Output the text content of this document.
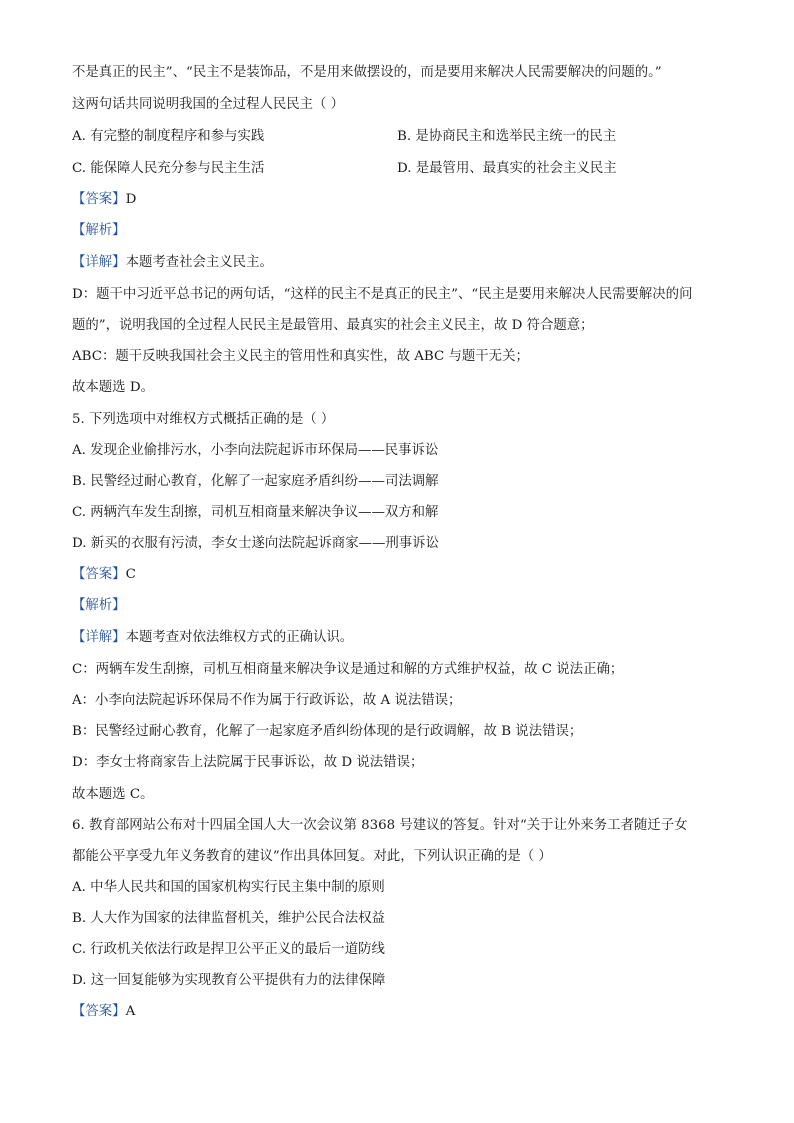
不是真正的民主”、“民主不是装饰品，不是用来做摆设的，而是要用来解决人民需要解决的问题的。”
这两句话共同说明我国的全过程人民民主（ ）
A. 有完整的制度程序和参与实践	B. 是协商民主和选举民主统一的民主
C. 能保障人民充分参与民主生活	D. 是最管用、最真实的社会主义民主
【答案】D
【解析】
【详解】本题考查社会主义民主。
D：题干中习近平总书记的两句话，“这样的民主不是真正的民主”、“民主是要用来解决人民需要解决的问
题的”，说明我国的全过程人民民主是最管用、最真实的社会主义民主，故 D 符合题意；
ABC：题干反映我国社会主义民主的管用性和真实性，故 ABC 与题干无关；
故本题选 D。
5. 下列选项中对维权方式概括正确的是（ ）
A. 发现企业偷排污水，小李向法院起诉市环保局——民事诉讼
B. 民警经过耐心教育，化解了一起家庭矛盾纠纷——司法调解
C. 两辆汽车发生刮擦，司机互相商量来解决争议——双方和解
D. 新买的衣服有污渍，李女士遂向法院起诉商家——刑事诉讼
【答案】C
【解析】
【详解】本题考查对依法维权方式的正确认识。
C：两辆车发生刮擦，司机互相商量来解决争议是通过和解的方式维护权益，故 C 说法正确；
A：小李向法院起诉环保局不作为属于行政诉讼，故 A 说法错误；
B：民警经过耐心教育，化解了一起家庭矛盾纠纷体现的是行政调解，故 B 说法错误；
D：李女士将商家告上法院属于民事诉讼，故 D 说法错误；
故本题选 C。
6. 教育部网站公布对十四届全国人大一次会议第 8368 号建议的答复。针对“关于让外来务工者随迁子女
都能公平享受九年义务教育的建议”作出具体回复。对此，下列认识正确的是（ ）
A. 中华人民共和国的国家机构实行民主集中制的原则
B. 人大作为国家的法律监督机关，维护公民合法权益
C. 行政机关依法行政是捍卫公平正义的最后一道防线
D. 这一回复能够为实现教育公平提供有力的法律保障
【答案】A
